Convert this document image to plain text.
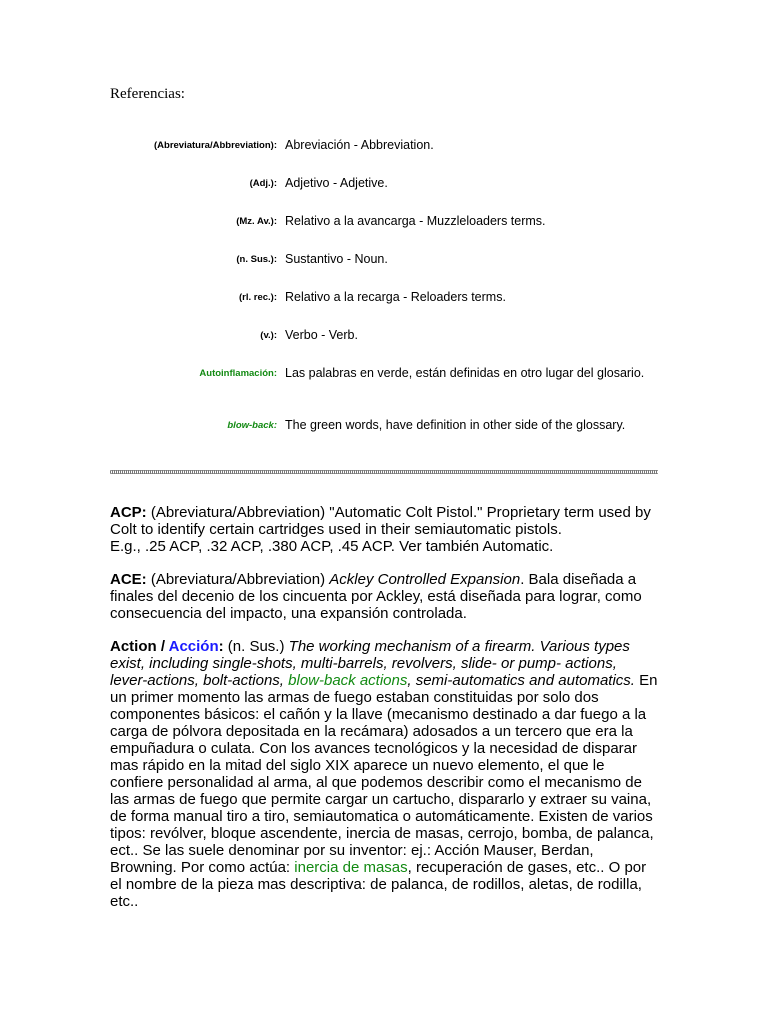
Referencias:
(Abreviatura/Abbreviation): Abreviación - Abbreviation.
(Adj.): Adjetivo - Adjetive.
(Mz. Av.): Relativo a la avancarga - Muzzleloaders terms.
(n. Sus.): Sustantivo - Noun.
(rl. rec.): Relativo a la recarga - Reloaders terms.
(v.): Verbo - Verb.
Autoinflamación: Las palabras en verde, están definidas en otro lugar del glosario.
blow-back: The green words, have definition in other side of the glossary.

ACP: (Abreviatura/Abbreviation) "Automatic Colt Pistol." Proprietary term used by Colt to identify certain cartridges used in their semiautomatic pistols.
E.g., .25 ACP, .32 ACP, .380 ACP, .45 ACP. Ver también Automatic.

ACE: (Abreviatura/Abbreviation) Ackley Controlled Expansion. Bala diseñada a finales del decenio de los cincuenta por Ackley, está diseñada para lograr, como consecuencia del impacto, una expansión controlada.

Action / Acción: (n. Sus.) The working mechanism of a firearm. Various types exist, including single-shots, multi-barrels, revolvers, slide- or pump- actions, lever-actions, bolt-actions, blow-back actions, semi-automatics and automatics. En un primer momento las armas de fuego estaban constituidas por solo dos componentes básicos: el cañón y la llave (mecanismo destinado a dar fuego a la carga de pólvora depositada en la recámara) adosados a un tercero que era la empuñadura o culata. Con los avances tecnológicos y la necesidad de disparar mas rápido en la mitad del siglo XIX aparece un nuevo elemento, el que le confiere personalidad al arma, al que podemos describir como el mecanismo de las armas de fuego que permite cargar un cartucho, dispararlo y extraer su vaina, de forma manual tiro a tiro, semiautomatica o automáticamente. Existen de varios tipos: revólver, bloque ascendente, inercia de masas, cerrojo, bomba, de palanca, ect.. Se las suele denominar por su inventor: ej.: Acción Mauser, Berdan, Browning. Por como actúa: inercia de masas, recuperación de gases, etc.. O por el nombre de la pieza mas descriptiva: de palanca, de rodillos, aletas, de rodilla, etc..
